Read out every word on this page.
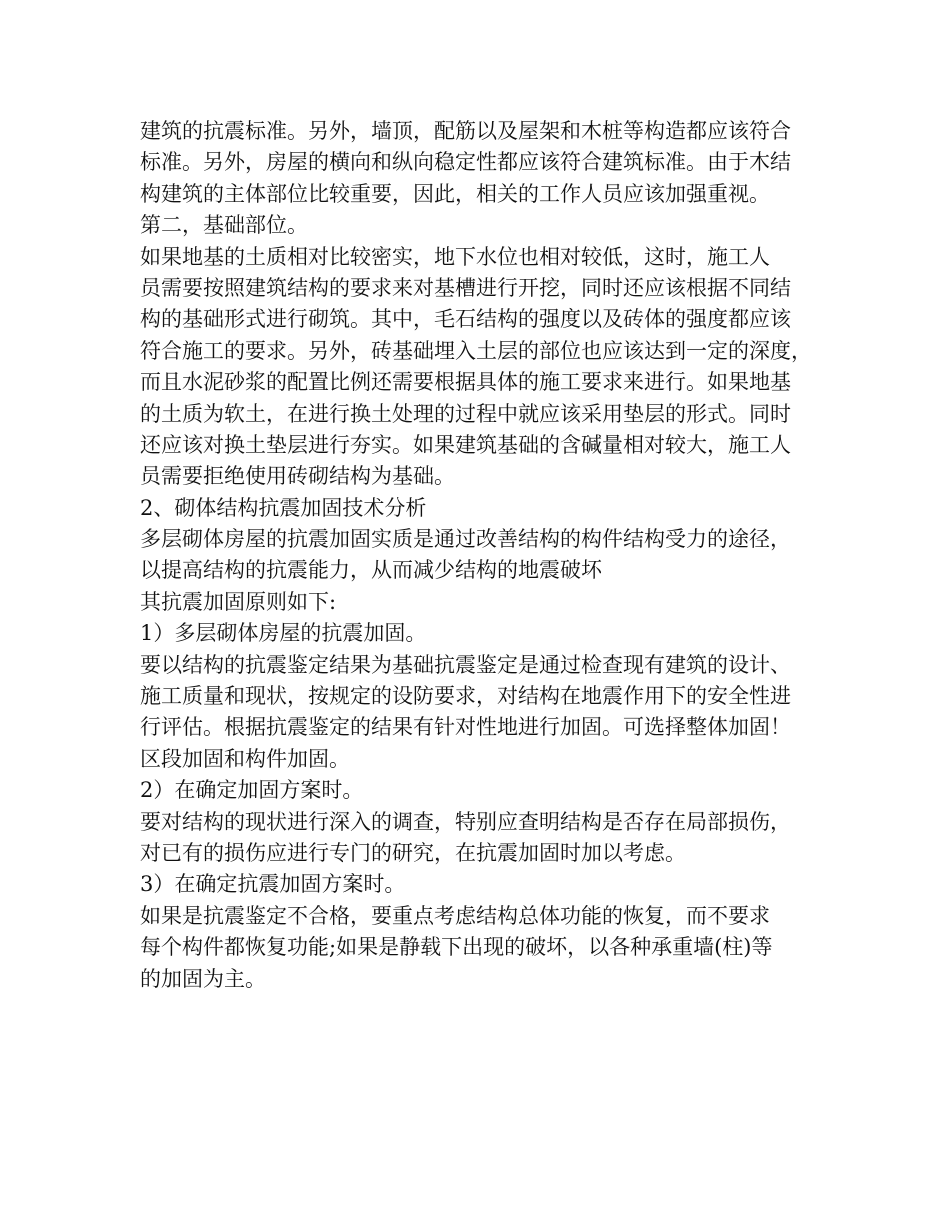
建筑的抗震标准。另外，墙顶，配筋以及屋架和木桩等构造都应该符合
标准。另外，房屋的横向和纵向稳定性都应该符合建筑标准。由于木结
构建筑的主体部位比较重要，因此，相关的工作人员应该加强重视。
第二，基础部位。
如果地基的土质相对比较密实，地下水位也相对较低，这时，施工人
员需要按照建筑结构的要求来对基槽进行开挖，同时还应该根据不同结
构的基础形式进行砌筑。其中，毛石结构的强度以及砖体的强度都应该
符合施工的要求。另外，砖基础埋入土层的部位也应该达到一定的深度，
而且水泥砂浆的配置比例还需要根据具体的施工要求来进行。如果地基
的土质为软土，在进行换土处理的过程中就应该采用垫层的形式。同时
还应该对换土垫层进行夯实。如果建筑基础的含碱量相对较大，施工人
员需要拒绝使用砖砌结构为基础。
2、砌体结构抗震加固技术分析
多层砌体房屋的抗震加固实质是通过改善结构的构件结构受力的途径，
以提高结构的抗震能力，从而减少结构的地震破坏
其抗震加固原则如下:
1）多层砌体房屋的抗震加固。
要以结构的抗震鉴定结果为基础抗震鉴定是通过检查现有建筑的设计、
施工质量和现状，按规定的设防要求，对结构在地震作用下的安全性进
行评估。根据抗震鉴定的结果有针对性地进行加固。可选择整体加固！
区段加固和构件加固。
2）在确定加固方案时。
要对结构的现状进行深入的调查，特别应查明结构是否存在局部损伤，
对已有的损伤应进行专门的研究，在抗震加固时加以考虑。
3）在确定抗震加固方案时。
如果是抗震鉴定不合格，要重点考虑结构总体功能的恢复，而不要求
每个构件都恢复功能;如果是静载下出现的破坏，以各种承重墙(柱)等
的加固为主。
